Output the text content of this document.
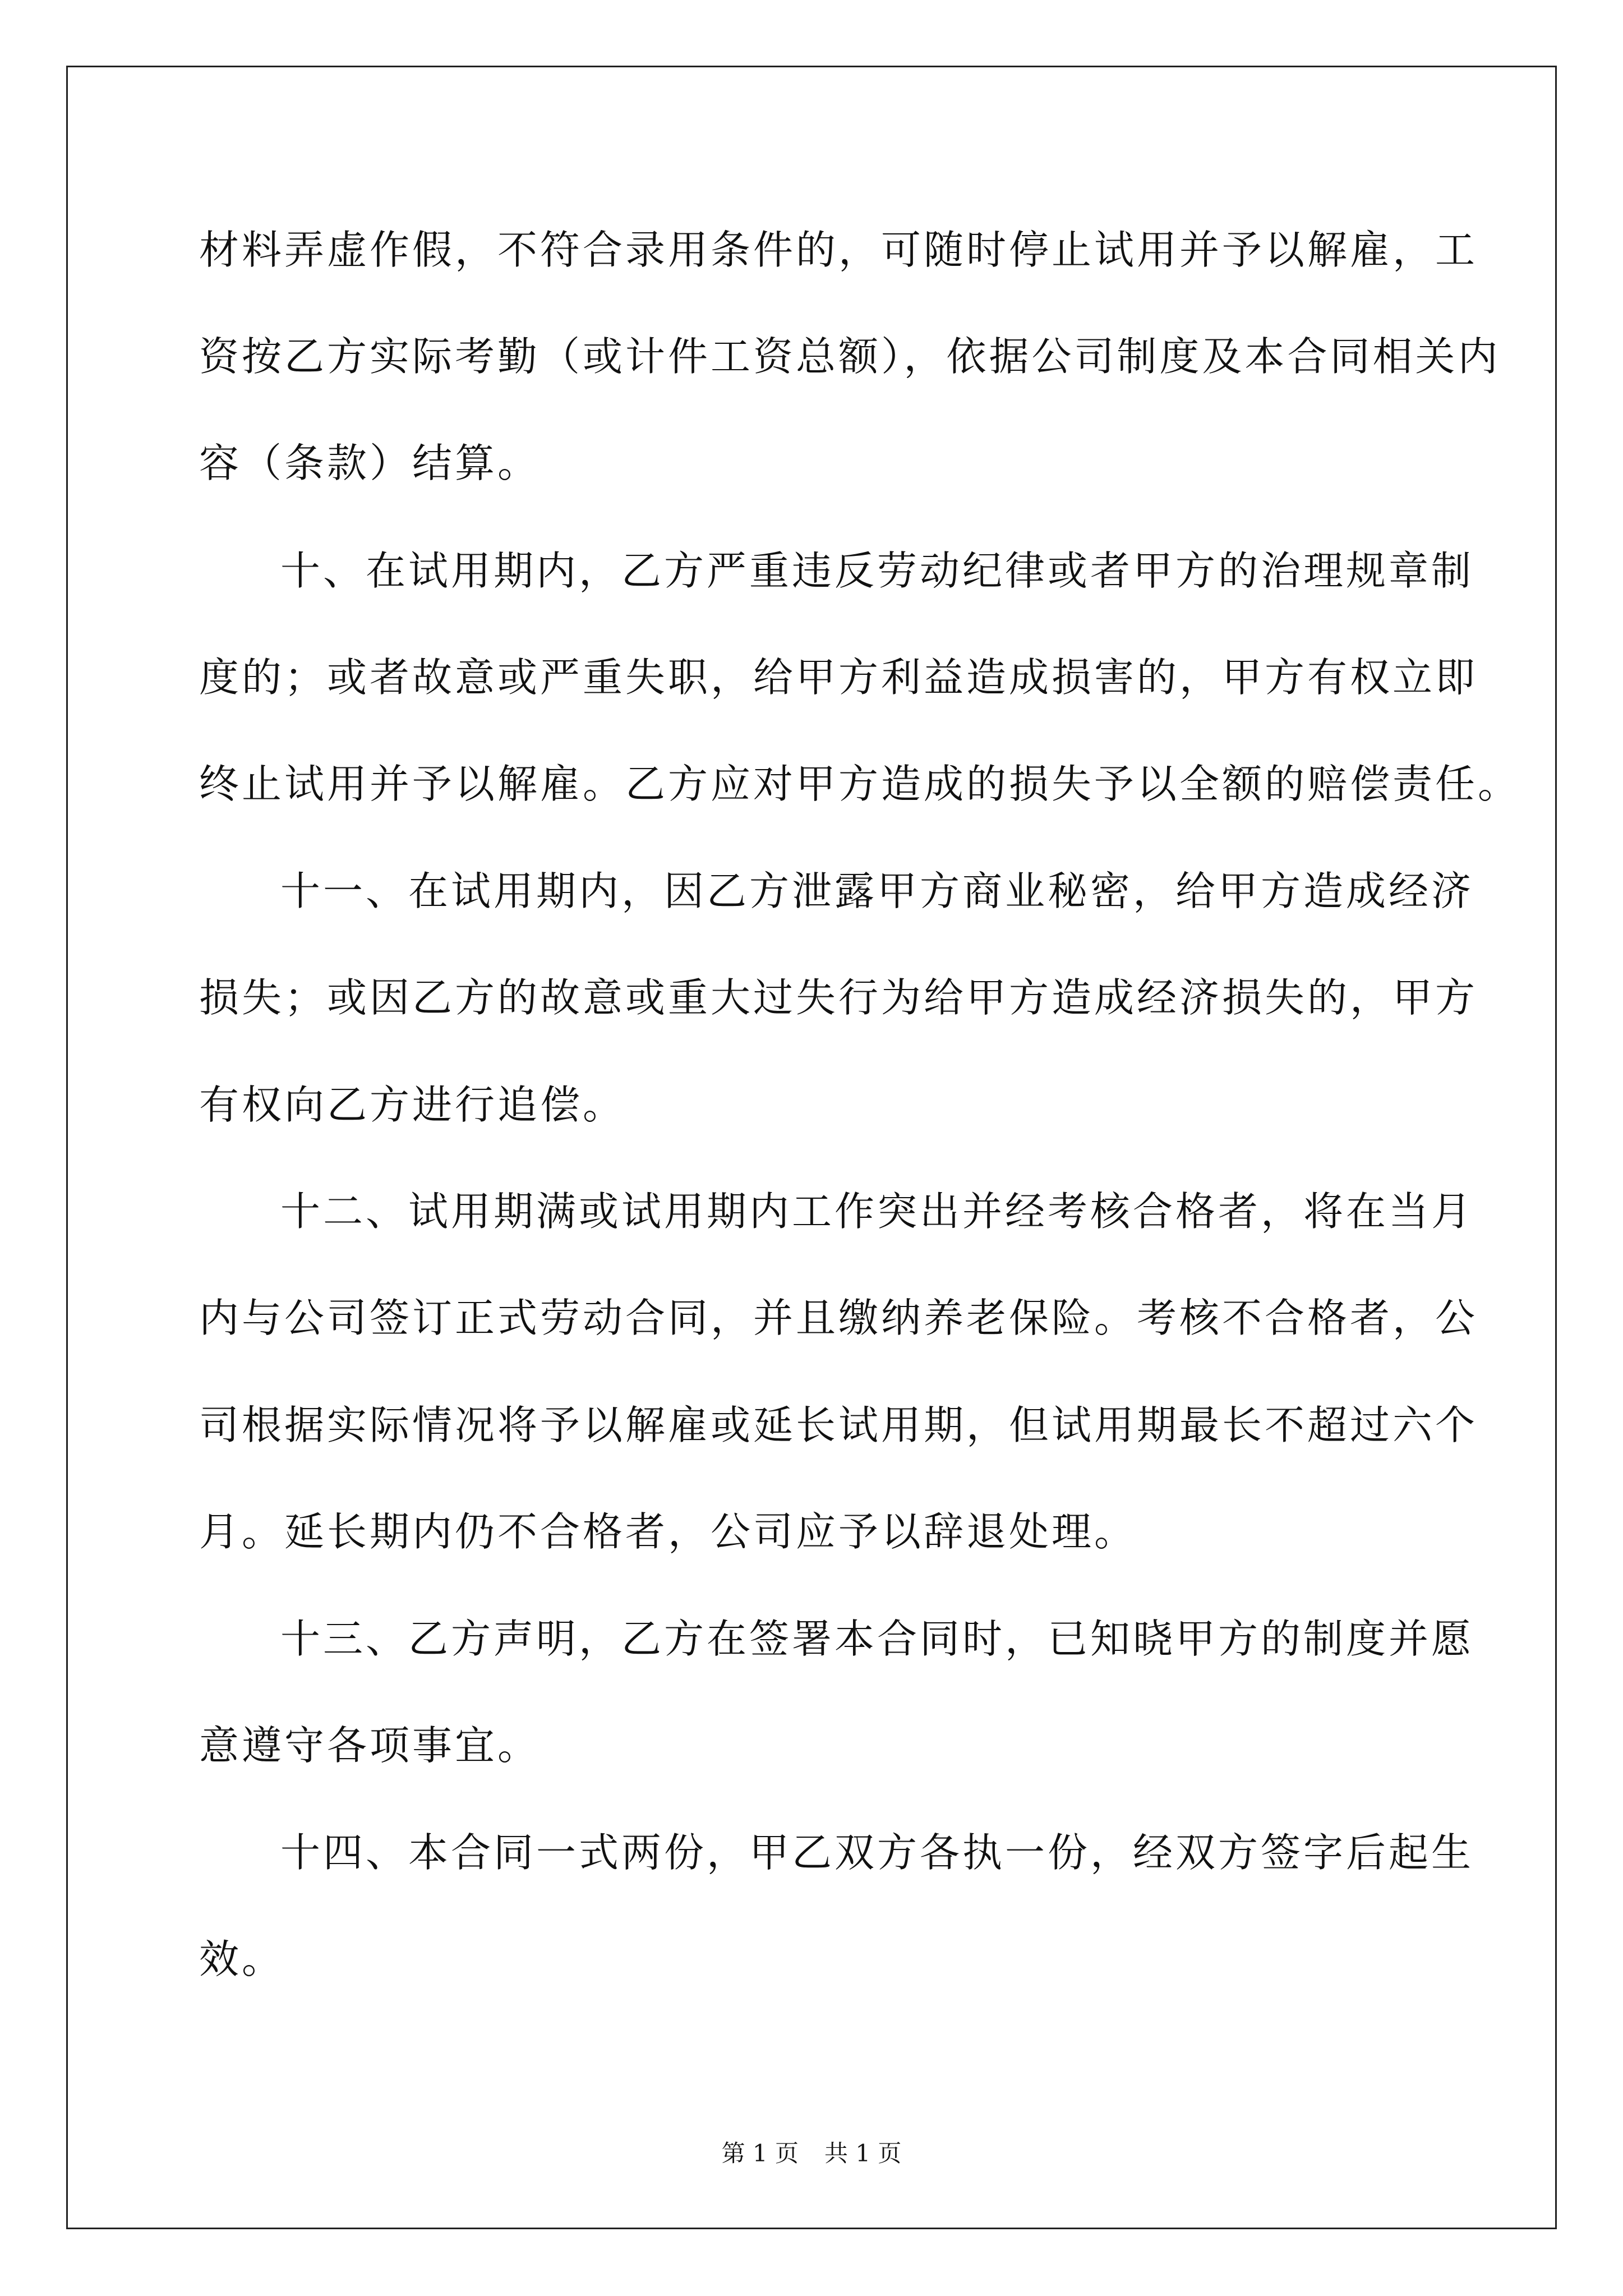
材料弄虚作假，不符合录用条件的，可随时停止试用并予以解雇，工
资按乙方实际考勤（或计件工资总额），依据公司制度及本合同相关内
容（条款）结算。
十、在试用期内，乙方严重违反劳动纪律或者甲方的治理规章制
度的；或者故意或严重失职，给甲方利益造成损害的，甲方有权立即
终止试用并予以解雇。乙方应对甲方造成的损失予以全额的赔偿责任。
十一、在试用期内，因乙方泄露甲方商业秘密，给甲方造成经济
损失；或因乙方的故意或重大过失行为给甲方造成经济损失的，甲方
有权向乙方进行追偿。
十二、试用期满或试用期内工作突出并经考核合格者，将在当月
内与公司签订正式劳动合同，并且缴纳养老保险。考核不合格者，公
司根据实际情况将予以解雇或延长试用期，但试用期最长不超过六个
月。延长期内仍不合格者，公司应予以辞退处理。
十三、乙方声明，乙方在签署本合同时，已知晓甲方的制度并愿
意遵守各项事宜。
十四、本合同一式两份，甲乙双方各执一份，经双方签字后起生
效。
第 1 页 共 1 页
